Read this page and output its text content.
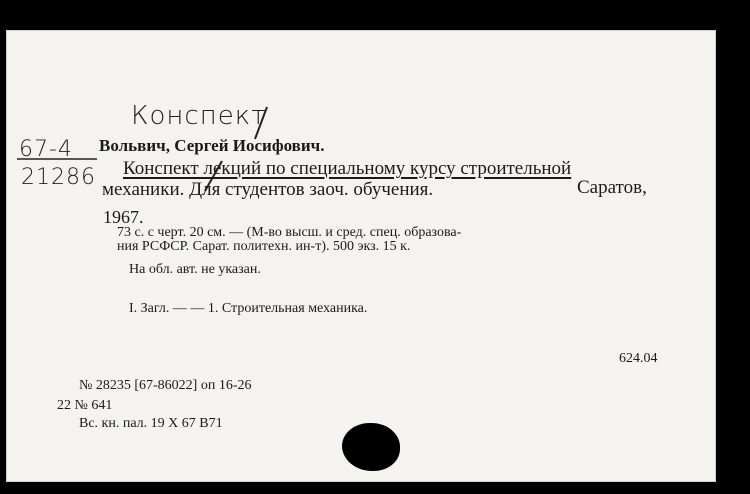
Конспект
67-4
21286
Вольвич, Сергей Иосифович.
Конспект лекций по специальному курсу строительной
механики. Для студентов заоч. обучения.	Саратов,
1967.
73 с. с черт. 20 см. — (М-во высш. и сред. спец. образова-
ния РСФСР. Сарат. политехн. ин-т). 500 экз. 15 к.
На обл. авт. не указан.
I. Загл. — — 1. Строительная механика.
624.04
№ 28235 [67-86022] оп 16-26
22 № 641
Вс. кн. пал. 19 X 67 В71
